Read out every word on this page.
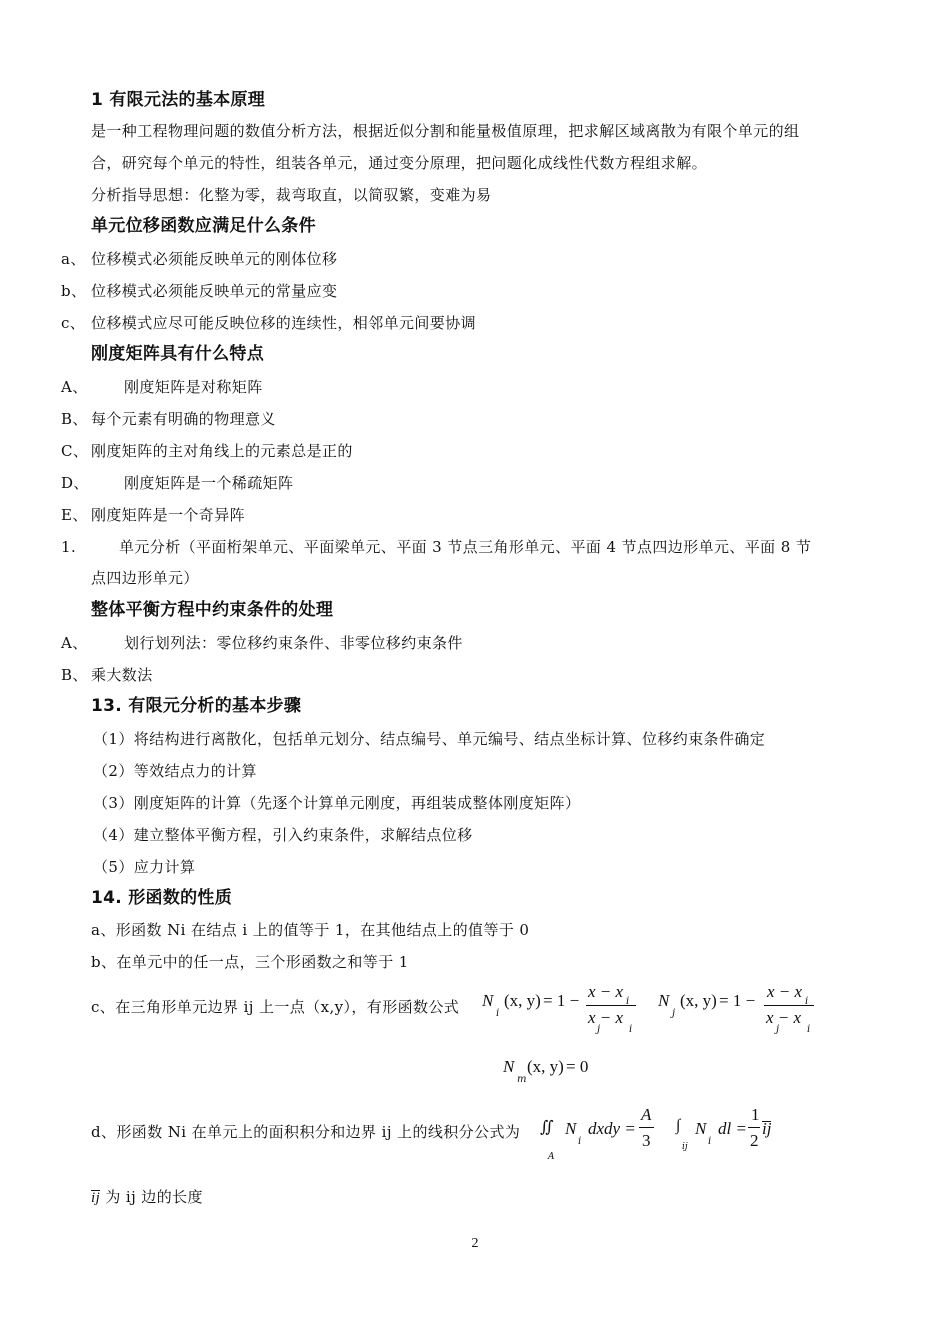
1 有限元法的基本原理
是一种工程物理问题的数值分析方法，根据近似分割和能量极值原理，把求解区域离散为有限个单元的组
合，研究每个单元的特性，组装各单元，通过变分原理，把问题化成线性代数方程组求解。
分析指导思想：化整为零，裁弯取直，以简驭繁，变难为易
单元位移函数应满足什么条件
a、 位移模式必须能反映单元的刚体位移
b、 位移模式必须能反映单元的常量应变
c、 位移模式应尽可能反映位移的连续性，相邻单元间要协调
刚度矩阵具有什么特点
A、 刚度矩阵是对称矩阵
B、 每个元素有明确的物理意义
C、 刚度矩阵的主对角线上的元素总是正的
D、 刚度矩阵是一个稀疏矩阵
E、 刚度矩阵是一个奇异阵
1.	单元分析（平面桁架单元、平面梁单元、平面 3 节点三角形单元、平面 4 节点四边形单元、平面 8 节
点四边形单元）
整体平衡方程中约束条件的处理
A、 划行划列法：零位移约束条件、非零位移约束条件
B、 乘大数法
13. 有限元分析的基本步骤
（1）将结构进行离散化，包括单元划分、结点编号、单元编号、结点坐标计算、位移约束条件确定
（2）等效结点力的计算
（3）刚度矩阵的计算（先逐个计算单元刚度，再组装成整体刚度矩阵）
（4）建立整体平衡方程，引入约束条件，求解结点位移
（5）应力计算
14. 形函数的性质
a、形函数 Ni 在结点 i 上的值等于 1，在其他结点上的值等于 0
b、在单元中的任一点，三个形函数之和等于 1
c、在三角形单元边界 ij 上一点（x,y），有形函数公式 N
i
(x, y) = 1 − x − x
i
x − x
j	i
N
j
(x, y) = 1 − x − x
i
x − x
j	i
N
m
(x, y) = 0
d、形函数 Ni 在单元上的面积积分和边界 ij 上的线积分公式为 ∬
A
N
i
dxdy =
A
3
∫
ij
N
i
dl =
1
2
ij
ij 为 ij 边的长度
2
